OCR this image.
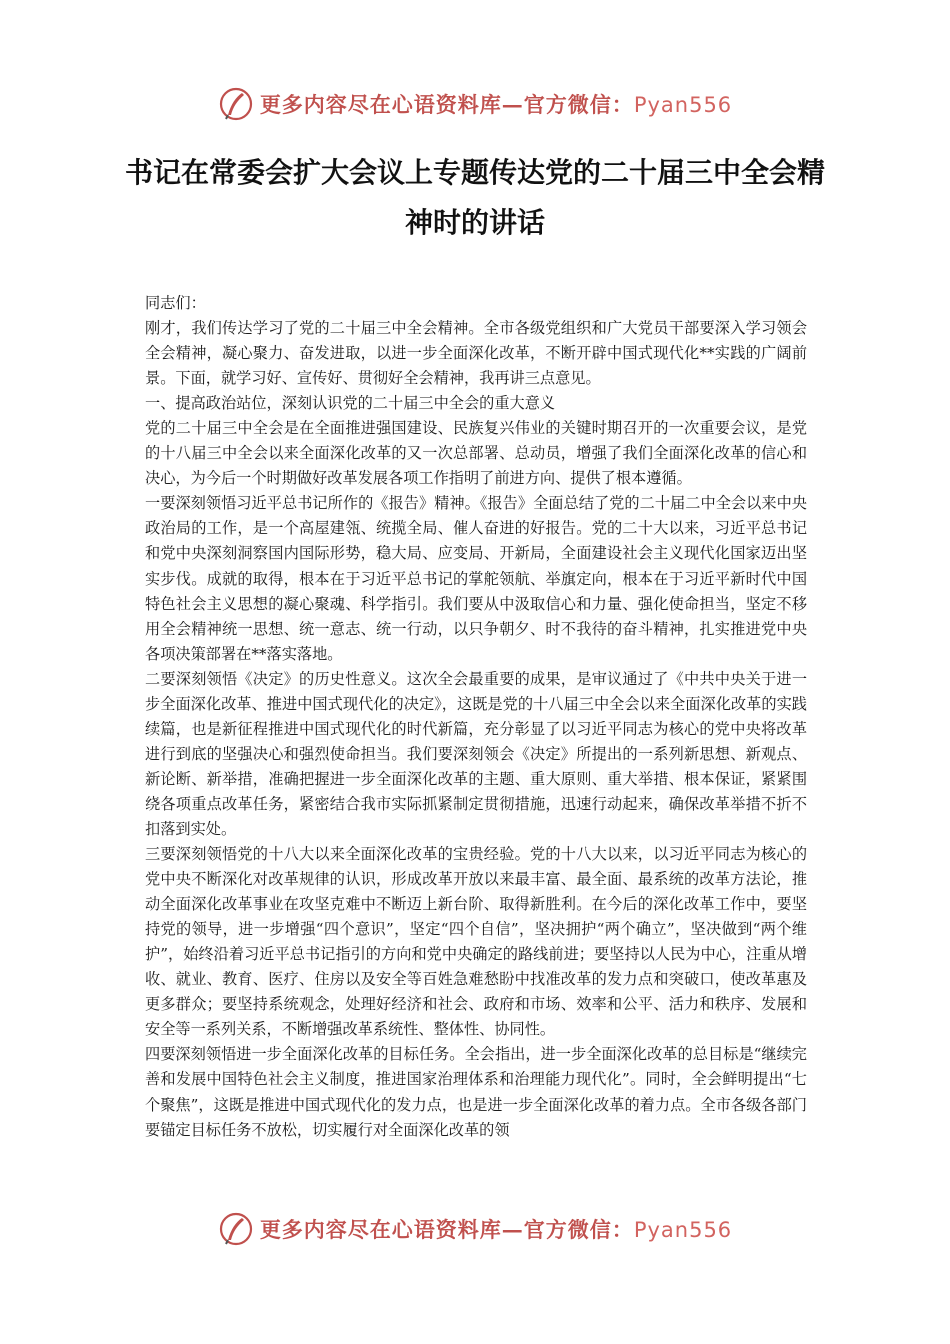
更多内容尽在心语资料库—官方微信：Pyan556
书记在常委会扩大会议上专题传达党的二十届三中全会精神时的讲话

同志们：

刚才，我们传达学习了党的二十届三中全会精神。全市各级党组织和广大党员干部要深入学习领会全会精神，凝心聚力、奋发进取，以进一步全面深化改革，不断开辟中国式现代化**实践的广阔前景。下面，就学习好、宣传好、贯彻好全会精神，我再讲三点意见。

一、提高政治站位，深刻认识党的二十届三中全会的重大意义

党的二十届三中全会是在全面推进强国建设、民族复兴伟业的关键时期召开的一次重要会议，是党的十八届三中全会以来全面深化改革的又一次总部署、总动员，增强了我们全面深化改革的信心和决心，为今后一个时期做好改革发展各项工作指明了前进方向、提供了根本遵循。

一要深刻领悟习近平总书记所作的《报告》精神。《报告》全面总结了党的二十届二中全会以来中央政治局的工作，是一个高屋建瓴、统揽全局、催人奋进的好报告。党的二十大以来，习近平总书记和党中央深刻洞察国内国际形势，稳大局、应变局、开新局，全面建设社会主义现代化国家迈出坚实步伐。成就的取得，根本在于习近平总书记的掌舵领航、举旗定向，根本在于习近平新时代中国特色社会主义思想的凝心聚魂、科学指引。我们要从中汲取信心和力量、强化使命担当，坚定不移用全会精神统一思想、统一意志、统一行动，以只争朝夕、时不我待的奋斗精神，扎实推进党中央各项决策部署在**落实落地。

二要深刻领悟《决定》的历史性意义。这次全会最重要的成果，是审议通过了《中共中央关于进一步全面深化改革、推进中国式现代化的决定》，这既是党的十八届三中全会以来全面深化改革的实践续篇，也是新征程推进中国式现代化的时代新篇，充分彰显了以习近平同志为核心的党中央将改革进行到底的坚强决心和强烈使命担当。我们要深刻领会《决定》所提出的一系列新思想、新观点、新论断、新举措，准确把握进一步全面深化改革的主题、重大原则、重大举措、根本保证，紧紧围绕各项重点改革任务，紧密结合我市实际抓紧制定贯彻措施，迅速行动起来，确保改革举措不折不扣落到实处。

三要深刻领悟党的十八大以来全面深化改革的宝贵经验。党的十八大以来，以习近平同志为核心的党中央不断深化对改革规律的认识，形成改革开放以来最丰富、最全面、最系统的改革方法论，推动全面深化改革事业在攻坚克难中不断迈上新台阶、取得新胜利。在今后的深化改革工作中，要坚持党的领导，进一步增强“四个意识”，坚定“四个自信”，坚决拥护“两个确立”，坚决做到“两个维护”，始终沿着习近平总书记指引的方向和党中央确定的路线前进；要坚持以人民为中心，注重从增收、就业、教育、医疗、住房以及安全等百姓急难愁盼中找准改革的发力点和突破口，使改革惠及更多群众；要坚持系统观念，处理好经济和社会、政府和市场、效率和公平、活力和秩序、发展和安全等一系列关系，不断增强改革系统性、整体性、协同性。

四要深刻领悟进一步全面深化改革的目标任务。全会指出，进一步全面深化改革的总目标是“继续完善和发展中国特色社会主义制度，推进国家治理体系和治理能力现代化”。同时，全会鲜明提出“七个聚焦”，这既是推进中国式现代化的发力点，也是进一步全面深化改革的着力点。全市各级各部门要锚定目标任务不放松，切实履行对全面深化改革的领

更多内容尽在心语资料库—官方微信：Pyan556
